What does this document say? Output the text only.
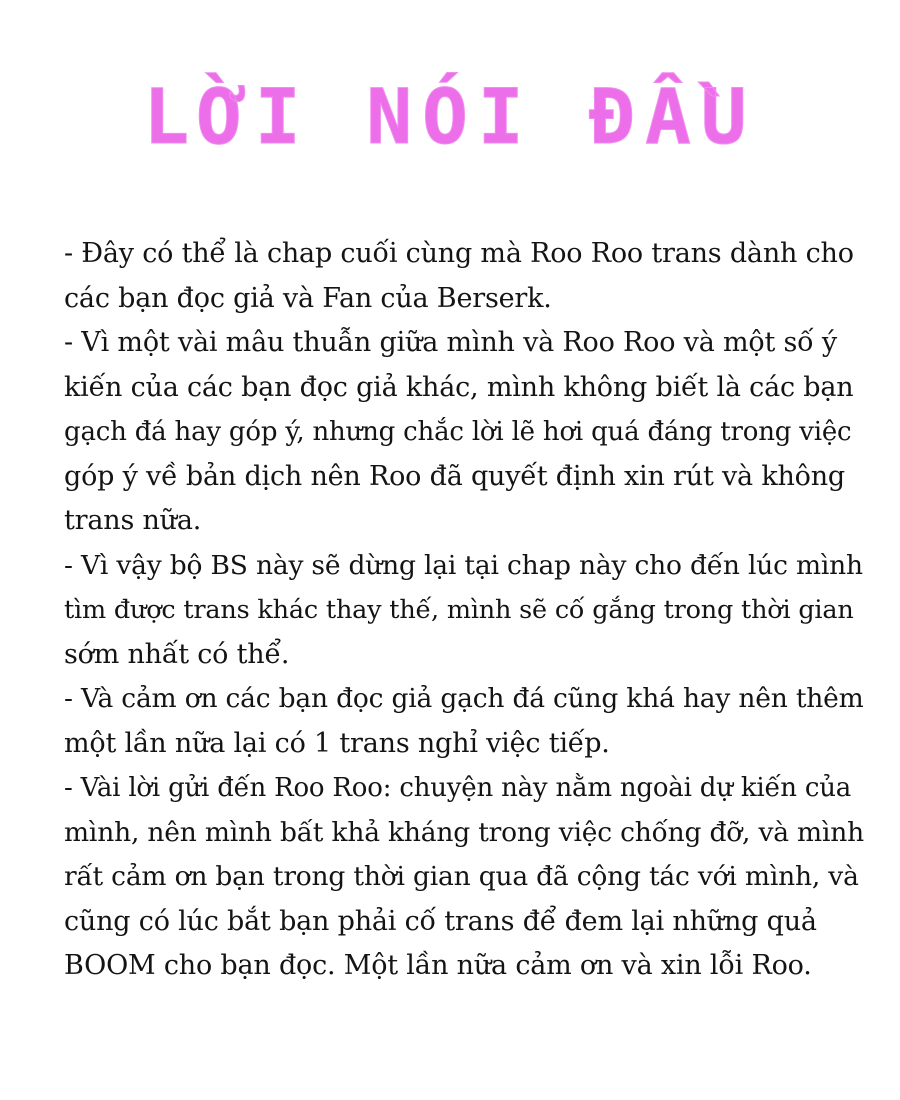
LỜI NÓI ĐẦU
- Đây có thể là chap cuối cùng mà Roo Roo trans dành cho
các bạn đọc giả và Fan của Berserk.
- Vì một vài mâu thuẫn giữa mình và Roo Roo và một số ý
kiến của các bạn đọc giả khác, mình không biết là các bạn
gạch đá hay góp ý, nhưng chắc lời lẽ hơi quá đáng trong việc
góp ý về bản dịch nên Roo đã quyết định xin rút và không
trans nữa.
- Vì vậy bộ BS này sẽ dừng lại tại chap này cho đến lúc mình
tìm được trans khác thay thế, mình sẽ cố gắng trong thời gian
sớm nhất có thể.
- Và cảm ơn các bạn đọc giả gạch đá cũng khá hay nên thêm
một lần nữa lại có 1 trans nghỉ việc tiếp.
- Vài lời gửi đến Roo Roo: chuyện này nằm ngoài dự kiến của
mình, nên mình bất khả kháng trong việc chống đỡ, và mình
rất cảm ơn bạn trong thời gian qua đã cộng tác với mình, và
cũng có lúc bắt bạn phải cố trans để đem lại những quả
BOOM cho bạn đọc. Một lần nữa cảm ơn và xin lỗi Roo.
